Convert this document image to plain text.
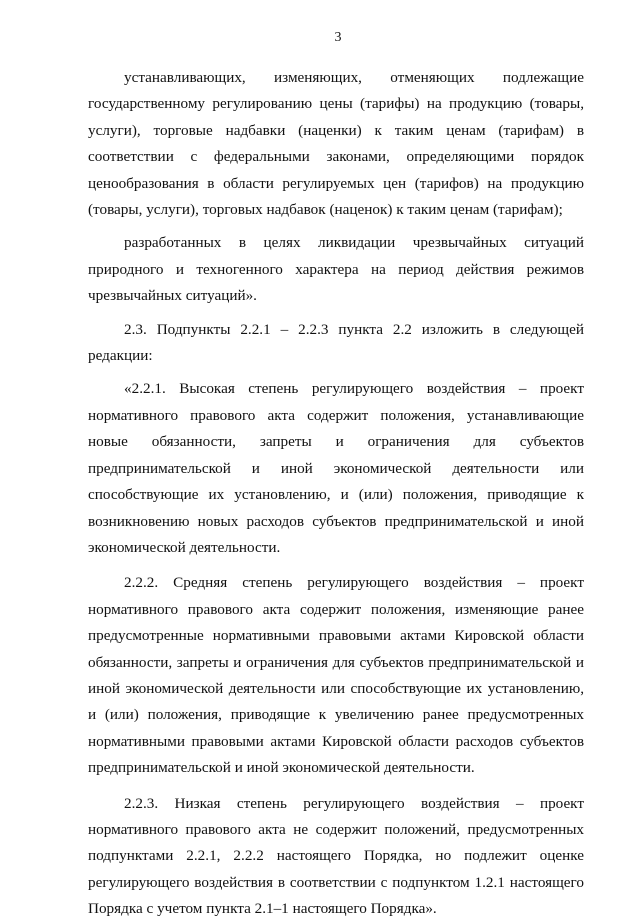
3

устанавливающих, изменяющих, отменяющих подлежащие государственному регулированию цены (тарифы) на продукцию (товары, услуги), торговые надбавки (наценки) к таким ценам (тарифам) в соответствии с федеральными законами, определяющими порядок ценообразования в области регулируемых цен (тарифов) на продукцию (товары, услуги), торговых надбавок (наценок) к таким ценам (тарифам);

разработанных в целях ликвидации чрезвычайных ситуаций природного и техногенного характера на период действия режимов чрезвычайных ситуаций».

2.3. Подпункты 2.2.1 – 2.2.3 пункта 2.2 изложить в следующей редакции:

«2.2.1. Высокая степень регулирующего воздействия – проект нормативного правового акта содержит положения, устанавливающие новые обязанности, запреты и ограничения для субъектов предпринимательской и иной экономической деятельности или способствующие их установлению, и (или) положения, приводящие к возникновению новых расходов субъектов предпринимательской и иной экономической деятельности.

2.2.2. Средняя степень регулирующего воздействия – проект нормативного правового акта содержит положения, изменяющие ранее предусмотренные нормативными правовыми актами Кировской области обязанности, запреты и ограничения для субъектов предпринимательской и иной экономической деятельности или способствующие их установлению, и (или) положения, приводящие к увеличению ранее предусмотренных нормативными правовыми актами Кировской области расходов субъектов предпринимательской и иной экономической деятельности.

2.2.3. Низкая степень регулирующего воздействия – проект нормативного правового акта не содержит положений, предусмотренных подпунктами 2.2.1, 2.2.2 настоящего Порядка, но подлежит оценке регулирующего воздействия в соответствии с подпунктом 1.2.1 настоящего Порядка с учетом пункта 2.1–1 настоящего Порядка».
